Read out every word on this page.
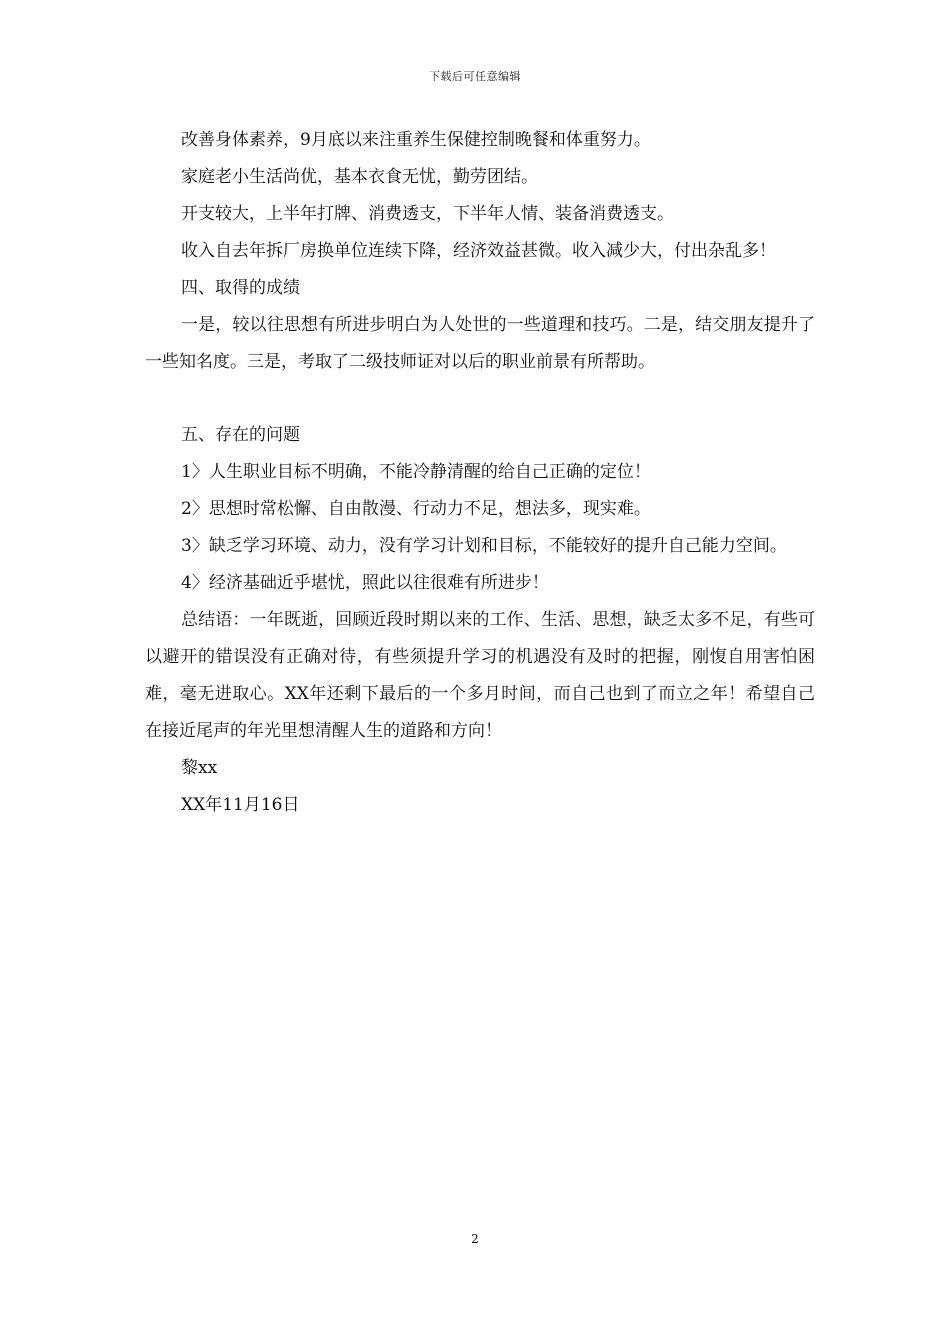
下载后可任意编辑

改善身体素养，9月底以来注重养生保健控制晚餐和体重努力。

家庭老小生活尚优，基本衣食无忧，勤劳团结。

开支较大，上半年打牌、消费透支，下半年人情、装备消费透支。

收入自去年拆厂房换单位连续下降，经济效益甚微。收入减少大，付出杂乱多！

四、取得的成绩

一是，较以往思想有所进步明白为人处世的一些道理和技巧。二是，结交朋友提升了一些知名度。三是，考取了二级技师证对以后的职业前景有所帮助。

五、存在的问题

1〉人生职业目标不明确，不能冷静清醒的给自己正确的定位！

2〉思想时常松懈、自由散漫、行动力不足，想法多，现实难。

3〉缺乏学习环境、动力，没有学习计划和目标，不能较好的提升自己能力空间。

4〉经济基础近乎堪忧，照此以往很难有所进步！

总结语：一年既逝，回顾近段时期以来的工作、生活、思想，缺乏太多不足，有些可以避开的错误没有正确对待，有些须提升学习的机遇没有及时的把握，刚愎自用害怕困难，毫无进取心。XX年还剩下最后的一个多月时间，而自己也到了而立之年！希望自己在接近尾声的年光里想清醒人生的道路和方向！

黎xx

XX年11月16日

2
